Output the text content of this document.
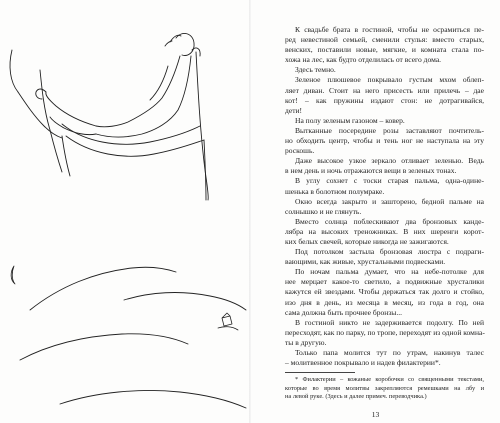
К свадьбе брата в гостиной, чтобы не осрамиться пе-
ред невестиной семьей, сменили стулья: вместо старых,
венских, поставили новые, мягкие, и комната стала по-
хожа на лес, как будто отделилась от всего дома.

Здесь темно.

Зеленое плюшевое покрывало густым мхом облеп-
ляет диван. Стоит на него присесть или прилечь – дае
кот! – как пружины издают стон: не дотрагивайся,
дети!

На полу зеленым газоном – ковер.

Вытканные посередине розы заставляют почтитель-
но обходить центр, чтобы и тень ног не наступала на эту
роскошь.

Даже высокое узкое зеркало отливает зеленью. Ведь
в нем день и ночь отражаются вещи в зеленых тонах.

В углу сохнет с тоски старая пальма, одна-одине-
шенька в болотном полумраке.

Окно всегда закрыто и зашторено, бедной пальме на
солнышко и не глянуть.

Вместо солнца поблескивают два бронзовых канде-
лябра на высоких треножниках. В них шеренги корот-
ких белых свечей, которые никогда не зажигаются.

Под потолком застыла бронзовая люстра с подраги-
вающими, как живые, хрустальными подвесками.

По ночам пальма думает, что на небе-потолке для
нее мерцает какое-то светило, а подвижные хрусталики
кажутся ей звездами. Чтобы держаться так долго и стойко,
изо дня в день, из месяца в месяц, из года в год, она
сама должна быть прочнее бронзы...

В гостиной никто не задерживается подолгу. По ней
пересходят, как по парку, по тропе, переходят из одной комна-
ты в другую.

Только папа молится тут по утрам, накинув талес
– молитвенное покрывало и надев филактерии*.

* Филактерии – кожаные коробочки со священными текстами,
которые во время молитвы закрепляются ремешками на лбу и
на левой руке. (Здесь и далее примеч. переводчика.)

13
